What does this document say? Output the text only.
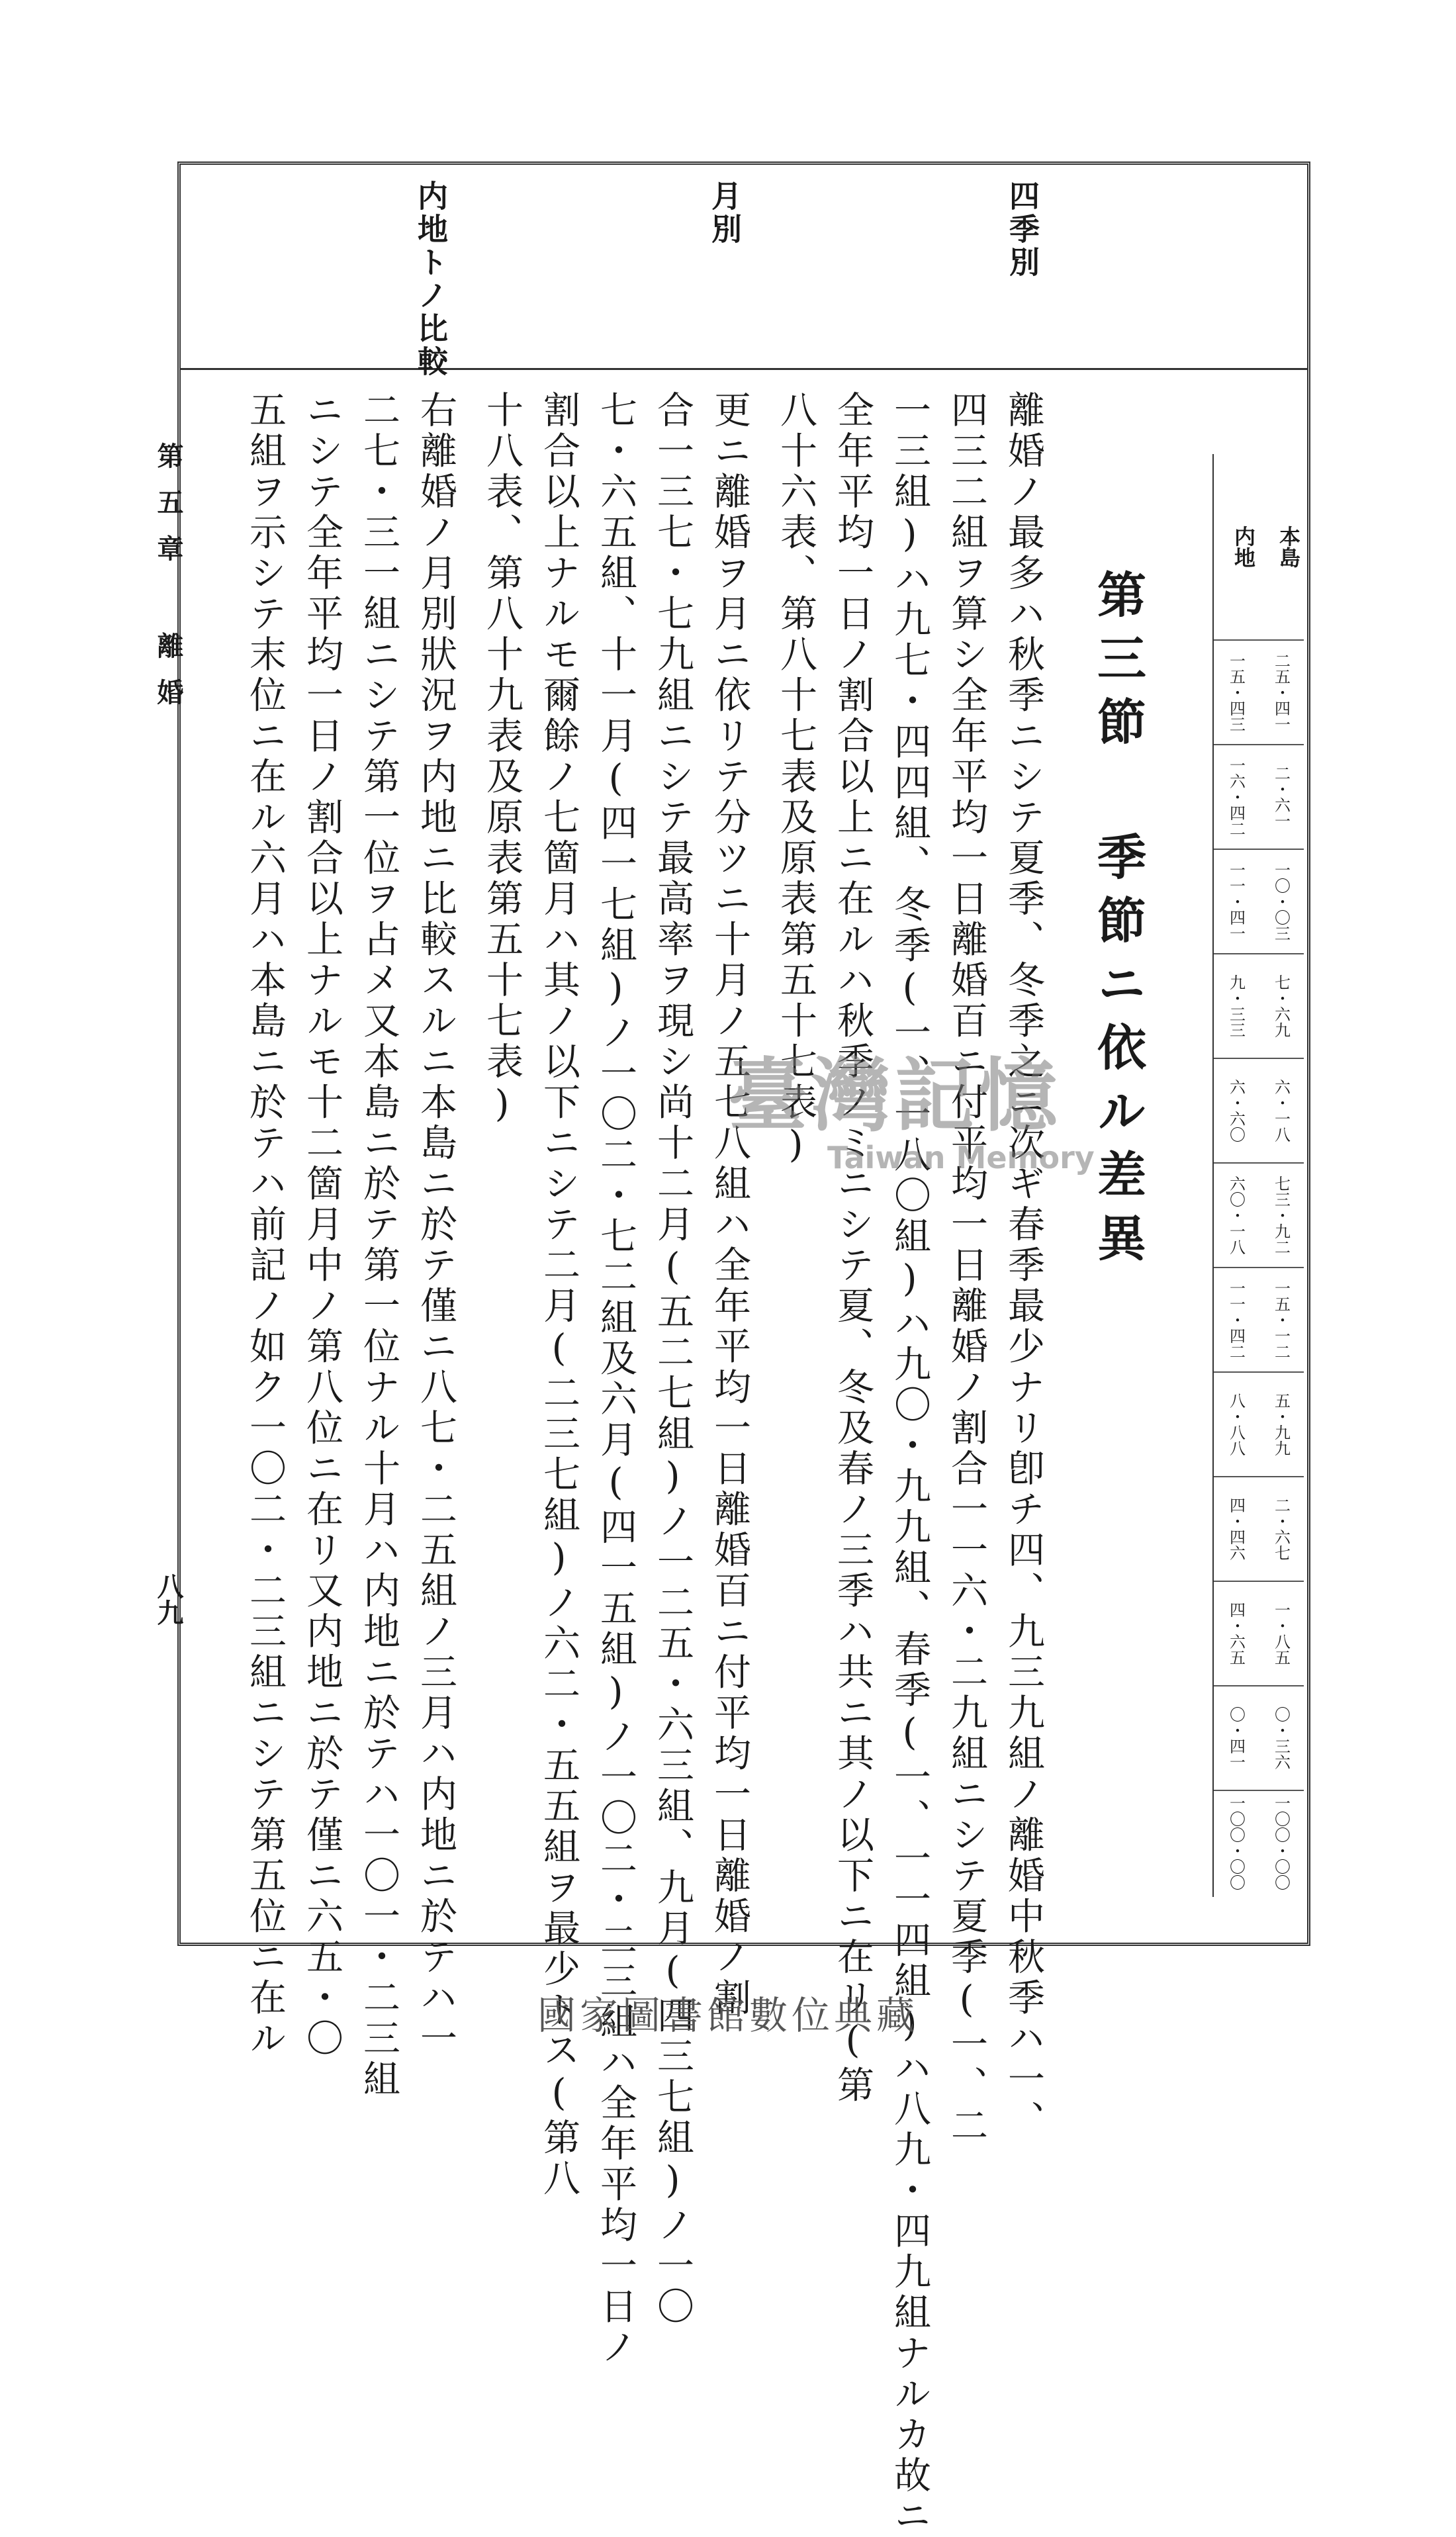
四季別
月別
内地トノ比較
第五章 離婚
八九
第三節 季節ニ依ル差異
離婚ノ最多ハ秋季ニシテ夏季、冬季之ニ次ギ春季最少ナリ卽チ四、九三九組ノ離婚中秋季ハ一、
四三二組ヲ算シ全年平均一日離婚百ニ付平均一日離婚ノ割合一一六・二九組ニシテ夏季(一、二
一三組)ハ九七・四四組、冬季(一、一八〇組)ハ九〇・九九組、春季(一、一一四組)ハ八九・四九組ナルカ故ニ
全年平均一日ノ割合以上ニ在ルハ秋季ノミニシテ夏、冬及春ノ三季ハ共ニ其ノ以下ニ在リ(第
八十六表、第八十七表及原表第五十七表)
更ニ離婚ヲ月ニ依リテ分ツニ十月ノ五七八組ハ全年平均一日離婚百ニ付平均一日離婚ノ割
合一三七・七九組ニシテ最高率ヲ現シ尚十二月(五二七組)ノ一二五・六三組、九月(四三七組)ノ一〇
七・六五組、十一月(四一七組)ノ一〇二・七二組及六月(四一五組)ノ一〇二・二三組ハ全年平均一日ノ
割合以上ナルモ爾餘ノ七箇月ハ其ノ以下ニシテ二月(二三七組)ノ六二・五五組ヲ最少トス(第八
十八表、第八十九表及原表第五十七表)
右離婚ノ月別狀況ヲ内地ニ比較スルニ本島ニ於テ僅ニ八七・二五組ノ三月ハ内地ニ於テハ一
二七・三一組ニシテ第一位ヲ占メ又本島ニ於テ第一位ナル十月ハ内地ニ於テハ一〇一・二三組
ニシテ全年平均一日ノ割合以上ナルモ十二箇月中ノ第八位ニ在リ又内地ニ於テ僅ニ六五・〇
五組ヲ示シテ末位ニ在ル六月ハ本島ニ於テハ前記ノ如ク一〇二・二三組ニシテ第五位ニ在ル	本島
内地
二五・四一
一五・四三
二・六一
一六・四二
一〇・〇三
一一・四一
七・六九
九・三三
六・一八
六・六〇
七三・九二
六〇・一八
一五・一二
一一・四二
五・九九
八・八八
二・六七
四・四六
一・八五
四・六五
〇・三六
〇・四一
一〇〇・〇〇
一〇〇・〇〇
臺灣記憶
Taiwan Memory
國家圖書館數位典藏
